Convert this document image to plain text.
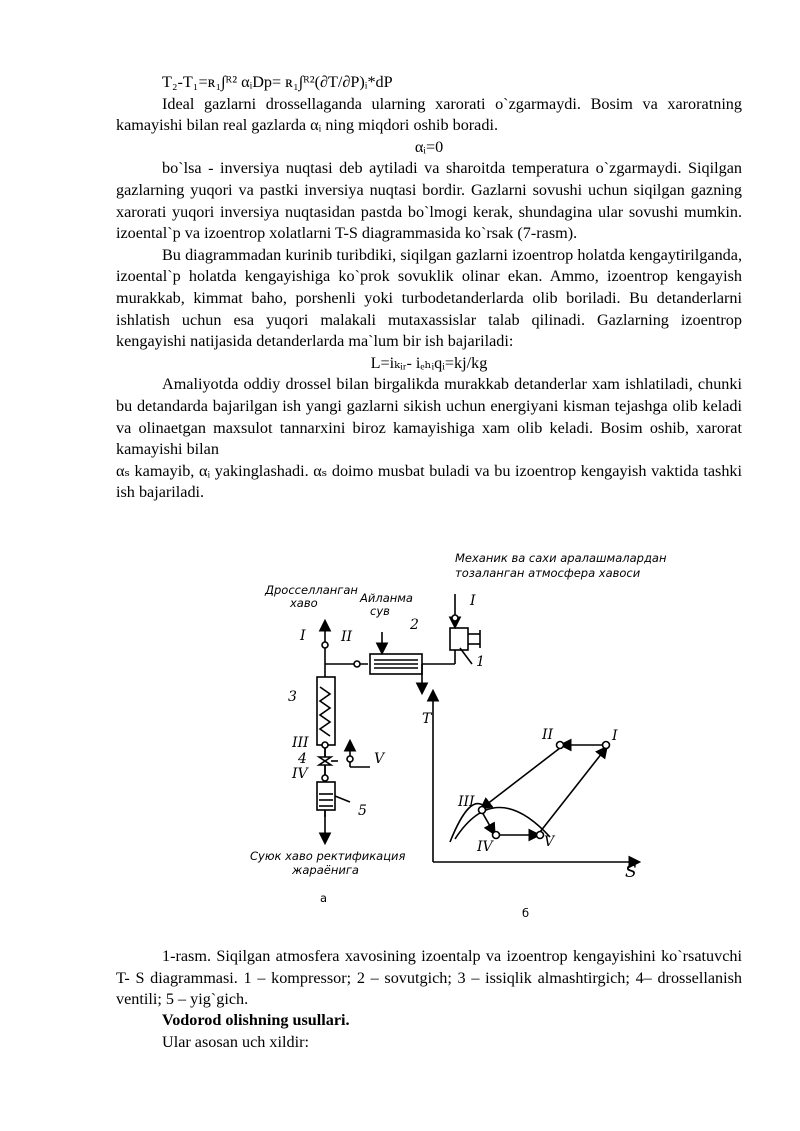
T₂-T₁=ʀ₁∫ᴿ² αᵢDp= ʀ₁∫ᴿ²(∂T/∂P)ᵢ*dP

Ideal gazlarni drossellaganda ularning xarorati o`zgarmaydi. Bosim va xaroratning kamayishi bilan real gazlarda αᵢ ning miqdori oshib boradi.

αᵢ=0

bo`lsa - inversiya nuqtasi deb aytiladi va sharoitda temperatura o`zgarmaydi. Siqilgan gazlarning yuqori va pastki inversiya nuqtasi bordir. Gazlarni sovushi uchun siqilgan gazning xarorati yuqori inversiya nuqtasidan pastda bo`lmogi kerak, shundagina ular sovushi mumkin. izoental`p va izoentrop xolatlarni T-S diagrammasida ko`rsak (7-rasm).

Bu diagrammadan kurinib turibdiki, siqilgan gazlarni izoentrop holatda kengaytirilganda, izoental`p holatda kengayishiga ko`prok sovuklik olinar ekan. Ammo, izoentrop kengayish murakkab, kimmat baho, porshenli yoki turbodetanderlarda olib boriladi. Bu detanderlarni ishlatish uchun esa yuqori malakali mutaxassislar talab qilinadi. Gazlarning izoentrop kengayishi natijasida detanderlarda ma`lum bir ish bajariladi:

L=iₖᵢᵣ- iₑₕᵢqᵢ=kj/kg

Amaliyotda oddiy drossel bilan birgalikda murakkab detanderlar xam ishlatiladi, chunki bu detandarda bajarilgan ish yangi gazlarni sikish uchun energiyani kisman tejashga olib keladi va olinaetgan maxsulot tannarxini biroz kamayishiga xam olib keladi. Bosim oshib, xarorat kamayishi bilan

αₛ kamayib, αᵢ yakinglashadi. αₛ doimo musbat buladi va bu izoentrop kengayish vaktida tashki ish bajariladi.

Механик ва сахи аралашмалардан
тозаланган атмосфера хавоси
Дросселланган
хаво	Айланма
сув
Суюк хаво ректификация
жараёнига
а
б
T
S
1
2
3
4
5
I
I
II
III
IV
V
I
II
III
IV	V

1-rasm. Siqilgan atmosfera xavosining izoentalp va izoentrop kengayishini ko`rsatuvchi T- S diagrammasi. 1 – kompressor; 2 – sovutgich; 3 – issiqlik almashtirgich; 4– drossellanish ventili; 5 – yig`gich.

Vodorod olishning usullari.

Ular asosan uch xildir:
